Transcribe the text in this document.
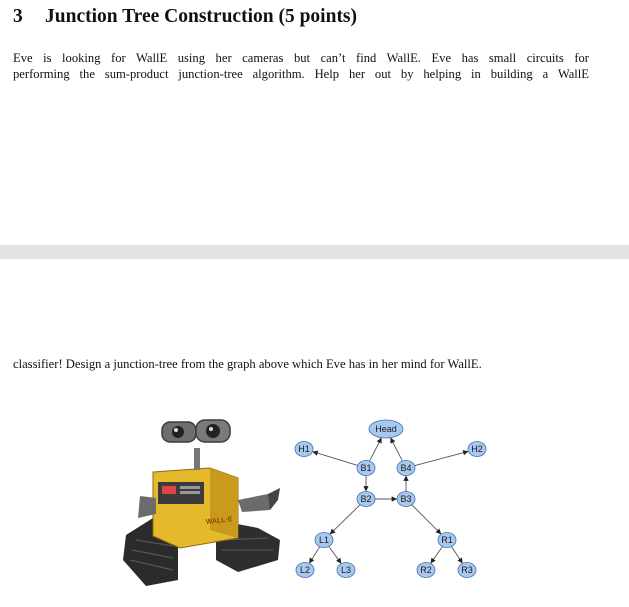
3 Junction Tree Construction (5 points)
Eve is looking for WallE using her cameras but can’t find WallE. Eve has small circuits for
performing the sum-product junction-tree algorithm. Help her out by helping in building a WallE
classifier! Design a junction-tree from the graph above which Eve has in her mind for WallE.
WALL·E
Head
H1	H2
B1	B4
B2	B3
L1	R1
L2	L3	R2	R3
